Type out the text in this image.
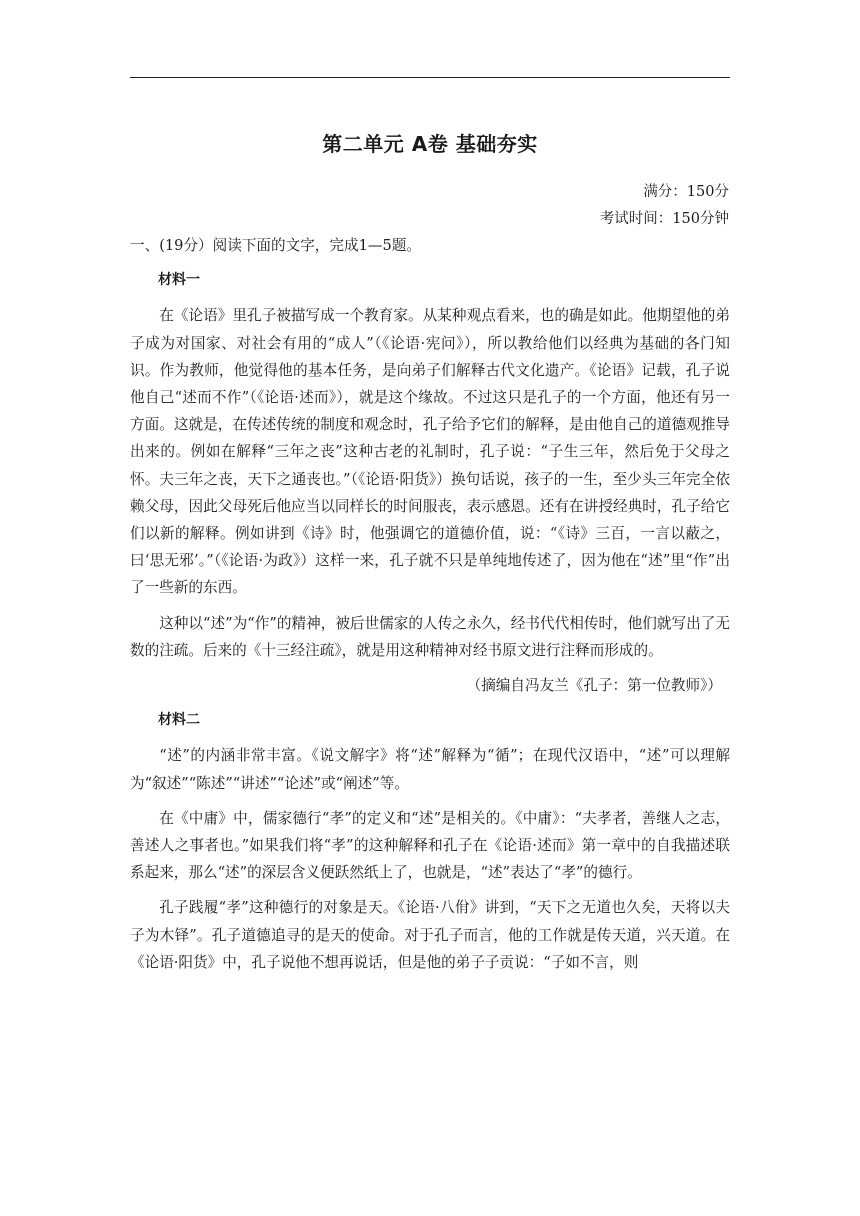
第二单元 A卷 基础夯实
满分：150分
考试时间：150分钟

一、(19分）阅读下面的文字，完成1—5题。

材料一

在《论语》里孔子被描写成一个教育家。从某种观点看来，也的确是如此。他期望他的弟子成为对国家、对社会有用的“成人”（《论语·宪问》），所以教给他们以经典为基础的各门知识。作为教师，他觉得他的基本任务，是向弟子们解释古代文化遗产。《论语》记载，孔子说他自己“述而不作”（《论语·述而》），就是这个缘故。不过这只是孔子的一个方面，他还有另一方面。这就是，在传述传统的制度和观念时，孔子给予它们的解释，是由他自己的道德观推导出来的。例如在解释“三年之丧”这种古老的礼制时，孔子说：“子生三年，然后免于父母之怀。夫三年之丧，天下之通丧也。”（《论语·阳货》）换句话说，孩子的一生，至少头三年完全依赖父母，因此父母死后他应当以同样长的时间服丧，表示感恩。还有在讲授经典时，孔子给它们以新的解释。例如讲到《诗》时，他强调它的道德价值，说：“《诗》三百，一言以蔽之，曰‘思无邪’。”（《论语·为政》）这样一来，孔子就不只是单纯地传述了，因为他在“述”里“作”出了一些新的东西。

这种以“述”为“作”的精神，被后世儒家的人传之永久，经书代代相传时，他们就写出了无数的注疏。后来的《十三经注疏》，就是用这种精神对经书原文进行注释而形成的。

（摘编自冯友兰《孔子：第一位教师》）

材料二

“述”的内涵非常丰富。《说文解字》将“述”解释为“循”；在现代汉语中，“述”可以理解为“叙述”“陈述”“讲述”“论述”或“阐述”等。

在《中庸》中，儒家德行“孝”的定义和“述”是相关的。《中庸》：“夫孝者，善继人之志，善述人之事者也。”如果我们将“孝”的这种解释和孔子在《论语·述而》第一章中的自我描述联系起来，那么“述”的深层含义便跃然纸上了，也就是，“述”表达了“孝”的德行。

孔子践履“孝”这种德行的对象是天。《论语·八佾》讲到，“天下之无道也久矣，天将以夫子为木铎”。孔子道德追寻的是天的使命。对于孔子而言，他的工作就是传天道，兴天道。在《论语·阳货》中，孔子说他不想再说话，但是他的弟子子贡说：“子如不言，则
